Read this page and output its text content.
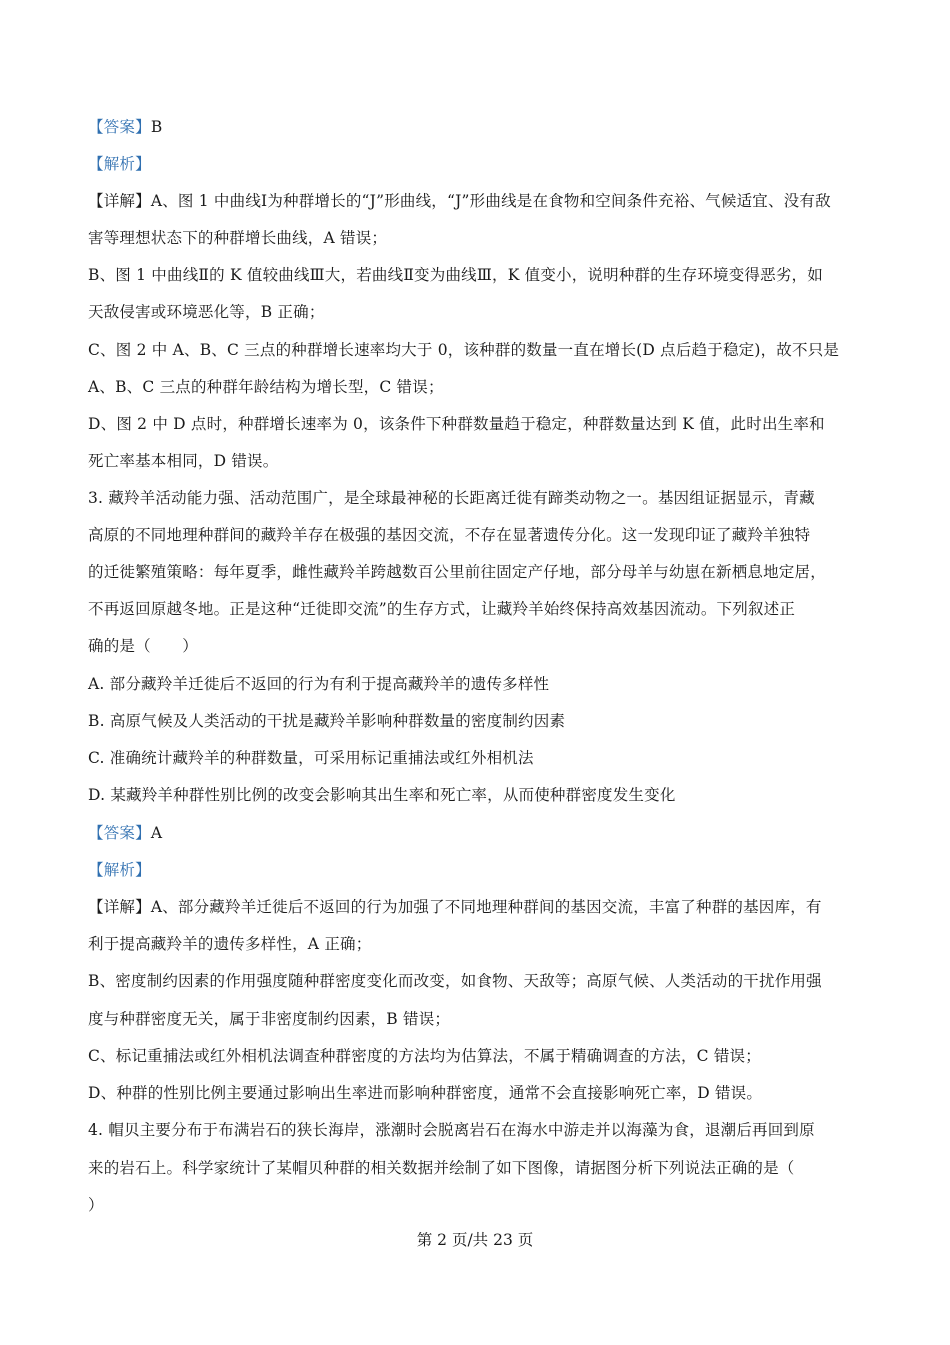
【答案】B
【解析】
【详解】A、图 1 中曲线Ⅰ为种群增长的“J”形曲线，“J”形曲线是在食物和空间条件充裕、气候适宜、没有敌
害等理想状态下的种群增长曲线，A 错误；
B、图 1 中曲线Ⅱ的 K 值较曲线Ⅲ大，若曲线Ⅱ变为曲线Ⅲ，K 值变小，说明种群的生存环境变得恶劣，如
天敌侵害或环境恶化等，B 正确；
C、图 2 中 A、B、C 三点的种群增长速率均大于 0，该种群的数量一直在增长(D 点后趋于稳定)，故不只是
A、B、C 三点的种群年龄结构为增长型，C 错误；
D、图 2 中 D 点时，种群增长速率为 0，该条件下种群数量趋于稳定，种群数量达到 K 值，此时出生率和
死亡率基本相同，D 错误。
3. 藏羚羊活动能力强、活动范围广，是全球最神秘的长距离迁徙有蹄类动物之一。基因组证据显示，青藏
高原的不同地理种群间的藏羚羊存在极强的基因交流，不存在显著遗传分化。这一发现印证了藏羚羊独特
的迁徙繁殖策略：每年夏季，雌性藏羚羊跨越数百公里前往固定产仔地，部分母羊与幼崽在新栖息地定居，
不再返回原越冬地。正是这种“迁徙即交流”的生存方式，让藏羚羊始终保持高效基因流动。下列叙述正
确的是（　　）
A. 部分藏羚羊迁徙后不返回的行为有利于提高藏羚羊的遗传多样性
B. 高原气候及人类活动的干扰是藏羚羊影响种群数量的密度制约因素
C. 准确统计藏羚羊的种群数量，可采用标记重捕法或红外相机法
D. 某藏羚羊种群性别比例的改变会影响其出生率和死亡率，从而使种群密度发生变化
【答案】A
【解析】
【详解】A、部分藏羚羊迁徙后不返回的行为加强了不同地理种群间的基因交流，丰富了种群的基因库，有
利于提高藏羚羊的遗传多样性，A 正确；
B、密度制约因素的作用强度随种群密度变化而改变，如食物、天敌等；高原气候、人类活动的干扰作用强
度与种群密度无关，属于非密度制约因素，B 错误；
C、标记重捕法或红外相机法调查种群密度的方法均为估算法，不属于精确调查的方法，C 错误；
D、种群的性别比例主要通过影响出生率进而影响种群密度，通常不会直接影响死亡率，D 错误。
4. 帽贝主要分布于布满岩石的狭长海岸，涨潮时会脱离岩石在海水中游走并以海藻为食，退潮后再回到原
来的岩石上。科学家统计了某帽贝种群的相关数据并绘制了如下图像，请据图分析下列说法正确的是（
）
第 2 页/共 23 页
